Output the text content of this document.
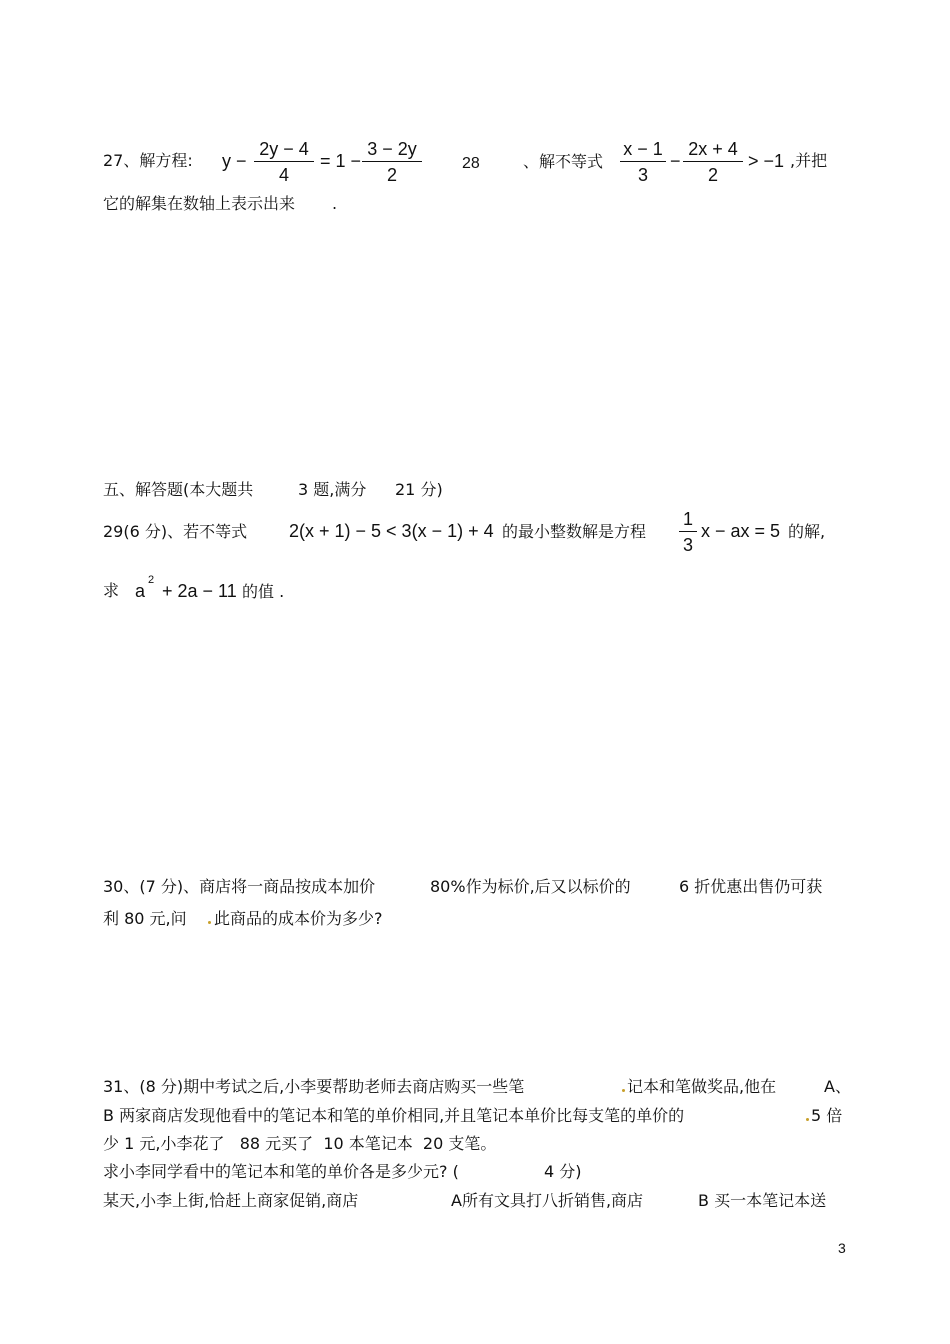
27、解方程: y −
2y − 4
4
= 1 −
3 − 2y
2
28	、解不等式
x − 1
3
−
2x + 4
2
> −1 ,并把
它的解集在数轴上表示出来 .
五、解答题(本大题共	3 题,满分 21 分)
29(6 分)、若不等式 2(x + 1) − 5 < 3(x − 1) + 4 的最小整数解是方程
1
3
x − ax = 5 的解,
求 a
2
+ 2a − 11 的值 .
30、(7 分)、商店将一商品按成本加价	80%作为标价,后又以标价的	6 折优惠出售仍可获
利 80 元,问 此商品的成本价为多少?
31、(8 分)期中考试之后,小李要帮助老师去商店购买一些笔	记本和笔做奖品,他在	A、
B 两家商店发现他看中的笔记本和笔的单价相同,并且笔记本单价比每支笔的单价的	5 倍
少 1 元,小李花了   88 元买了  10 本笔记本  20 支笔。
求小李同学看中的笔记本和笔的单价各是多少元? (	4 分)
某天,小李上街,恰赶上商家促销,商店	A所有文具打八折销售,商店	B 买一本笔记本送
3
